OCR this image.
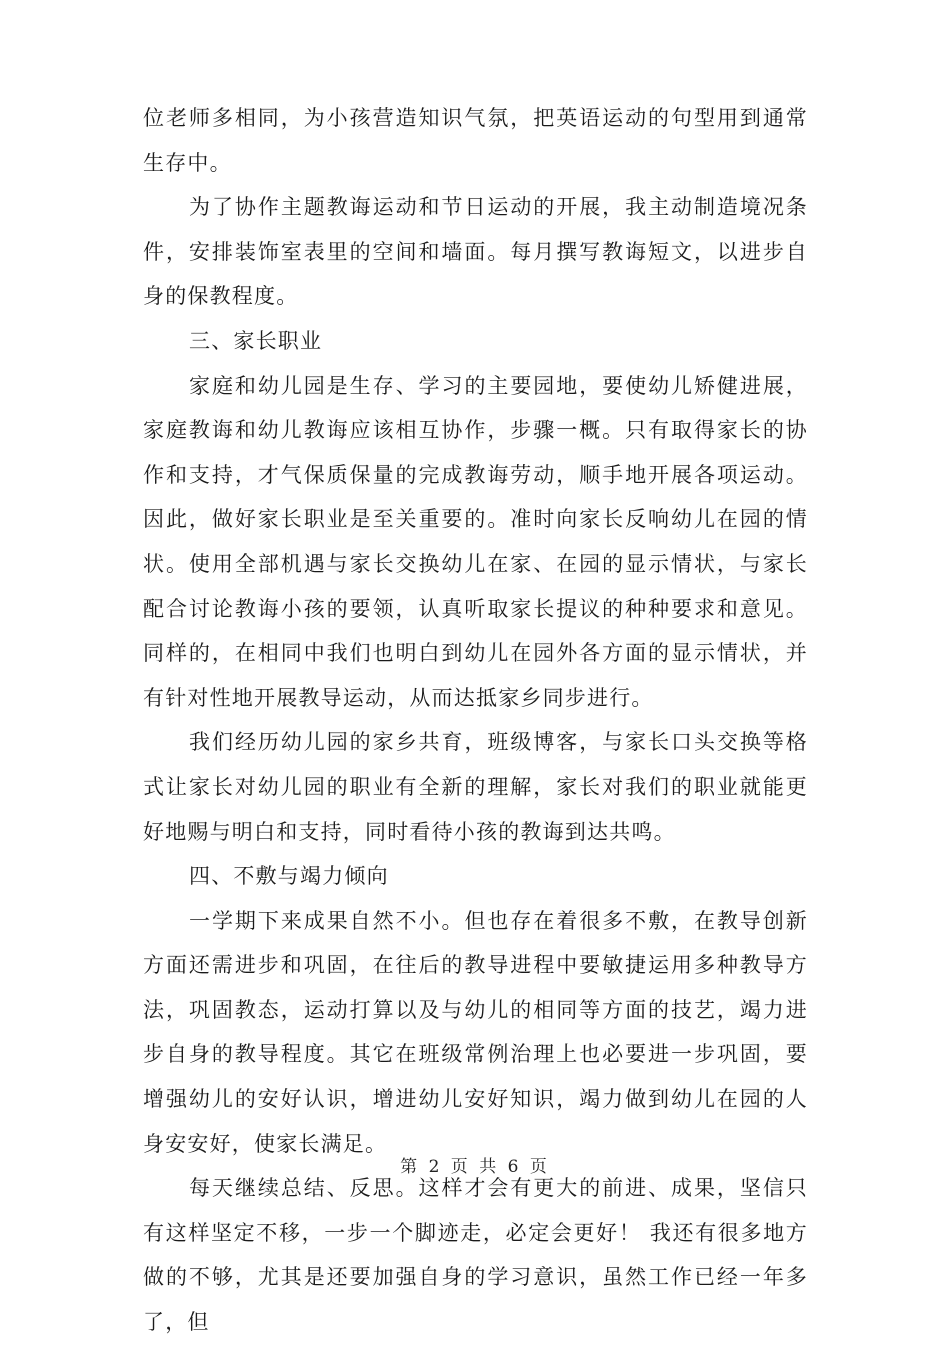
位老师多相同，为小孩营造知识气氛，把英语运动的句型用到通常生存中。

为了协作主题教诲运动和节日运动的开展，我主动制造境况条件，安排装饰室表里的空间和墙面。每月撰写教诲短文，以进步自身的保教程度。

三、家长职业

家庭和幼儿园是生存、学习的主要园地，要使幼儿矫健进展，家庭教诲和幼儿教诲应该相互协作，步骤一概。只有取得家长的协作和支持，才气保质保量的完成教诲劳动，顺手地开展各项运动。因此，做好家长职业是至关重要的。准时向家长反响幼儿在园的情状。使用全部机遇与家长交换幼儿在家、在园的显示情状，与家长配合讨论教诲小孩的要领，认真听取家长提议的种种要求和意见。同样的，在相同中我们也明白到幼儿在园外各方面的显示情状，并有针对性地开展教导运动，从而达抵家乡同步进行。

我们经历幼儿园的家乡共育，班级博客，与家长口头交换等格式让家长对幼儿园的职业有全新的理解，家长对我们的职业就能更好地赐与明白和支持，同时看待小孩的教诲到达共鸣。

四、不敷与竭力倾向

一学期下来成果自然不小。但也存在着很多不敷，在教导创新方面还需进步和巩固，在往后的教导进程中要敏捷运用多种教导方法，巩固教态，运动打算以及与幼儿的相同等方面的技艺，竭力进步自身的教导程度。其它在班级常例治理上也必要进一步巩固，要增强幼儿的安好认识，增进幼儿安好知识，竭力做到幼儿在园的人身安安好，使家长满足。

每天继续总结、反思。这样才会有更大的前进、成果，坚信只有这样坚定不移，一步一个脚迹走，必定会更好！ 我还有很多地方做的不够，尤其是还要加强自身的学习意识，虽然工作已经一年多了，但

第 2 页 共 6 页
